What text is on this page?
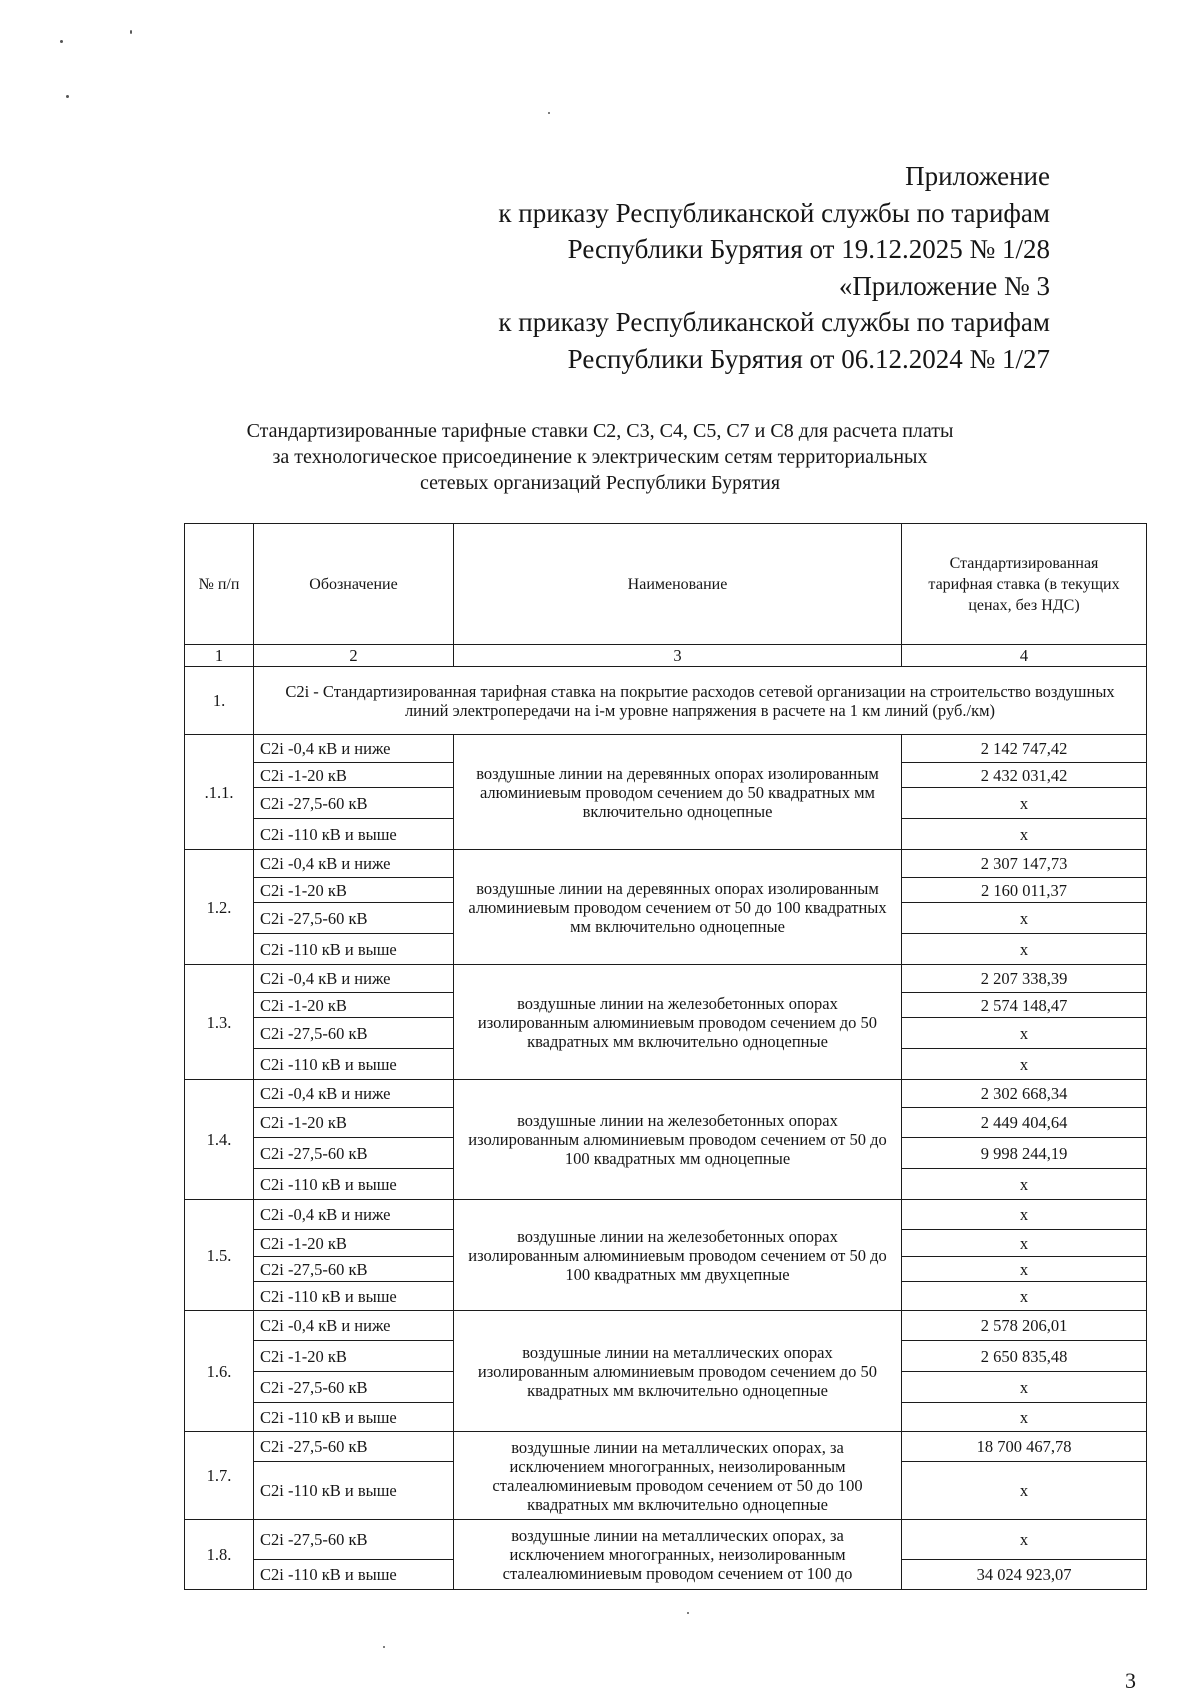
Приложение
к приказу Республиканской службы по тарифам
Республики Бурятия от 19.12.2025 № 1/28
«Приложение № 3
к приказу Республиканской службы по тарифам
Республики Бурятия от 06.12.2024 № 1/27
Стандартизированные тарифные ставки С2, С3, С4, С5, С7 и С8 для расчета платы
за технологическое присоединение к электрическим сетям территориальных
сетевых организаций Республики Бурятия
№ п/п	Обозначение	Наименование	Стандартизированная тарифная ставка (в текущих ценах, без НДС)
1	2	3	4
1.	C2i - Стандартизированная тарифная ставка на покрытие расходов сетевой организации на строительство воздушных линий электропередачи на i-м уровне напряжения в расчете на 1 км линий (руб./км)		
.1.1.	C2i -0,4 кВ и ниже	воздушные линии на деревянных опорах изолированным алюминиевым проводом сечением до 50 квадратных мм включительно одноцепные	2 142 747,42
	C2i -1-20 кВ		2 432 031,42
	C2i -27,5-60 кВ		х
	C2i -110 кВ и выше		х
1.2.	C2i -0,4 кВ и ниже	воздушные линии на деревянных опорах изолированным алюминиевым проводом сечением от 50 до 100 квадратных мм включительно одноцепные	2 307 147,73
	C2i -1-20 кВ		2 160 011,37
	C2i -27,5-60 кВ		х
	C2i -110 кВ и выше		х
1.3.	C2i -0,4 кВ и ниже	воздушные линии на железобетонных опорах изолированным алюминиевым проводом сечением до 50 квадратных мм включительно одноцепные	2 207 338,39
	C2i -1-20 кВ		2 574 148,47
	C2i -27,5-60 кВ		х
	C2i -110 кВ и выше		х
1.4.	C2i -0,4 кВ и ниже	воздушные линии на железобетонных опорах изолированным алюминиевым проводом сечением от 50 до 100 квадратных мм одноцепные	2 302 668,34
	C2i -1-20 кВ		2 449 404,64
	C2i -27,5-60 кВ		9 998 244,19
	C2i -110 кВ и выше		х
1.5.	C2i -0,4 кВ и ниже	воздушные линии на железобетонных опорах изолированным алюминиевым проводом сечением от 50 до 100 квадратных мм двухцепные	х
	C2i -1-20 кВ		х
	C2i -27,5-60 кВ		х
	C2i -110 кВ и выше		х
1.6.	C2i -0,4 кВ и ниже	воздушные линии на металлических опорах изолированным алюминиевым проводом сечением до 50 квадратных мм включительно одноцепные	2 578 206,01
	C2i -1-20 кВ		2 650 835,48
	C2i -27,5-60 кВ		х
	C2i -110 кВ и выше		х
1.7.	C2i -27,5-60 кВ	воздушные линии на металлических опорах, за исключением многогранных, неизолированным сталеалюминиевым проводом сечением от 50 до 100 квадратных мм включительно одноцепные	18 700 467,78
	C2i -110 кВ и выше		х
1.8.	C2i -27,5-60 кВ	воздушные линии на металлических опорах, за исключением многогранных, неизолированным сталеалюминиевым проводом сечением от 100 до	х
	C2i -110 кВ и выше		34 024 923,07
3
